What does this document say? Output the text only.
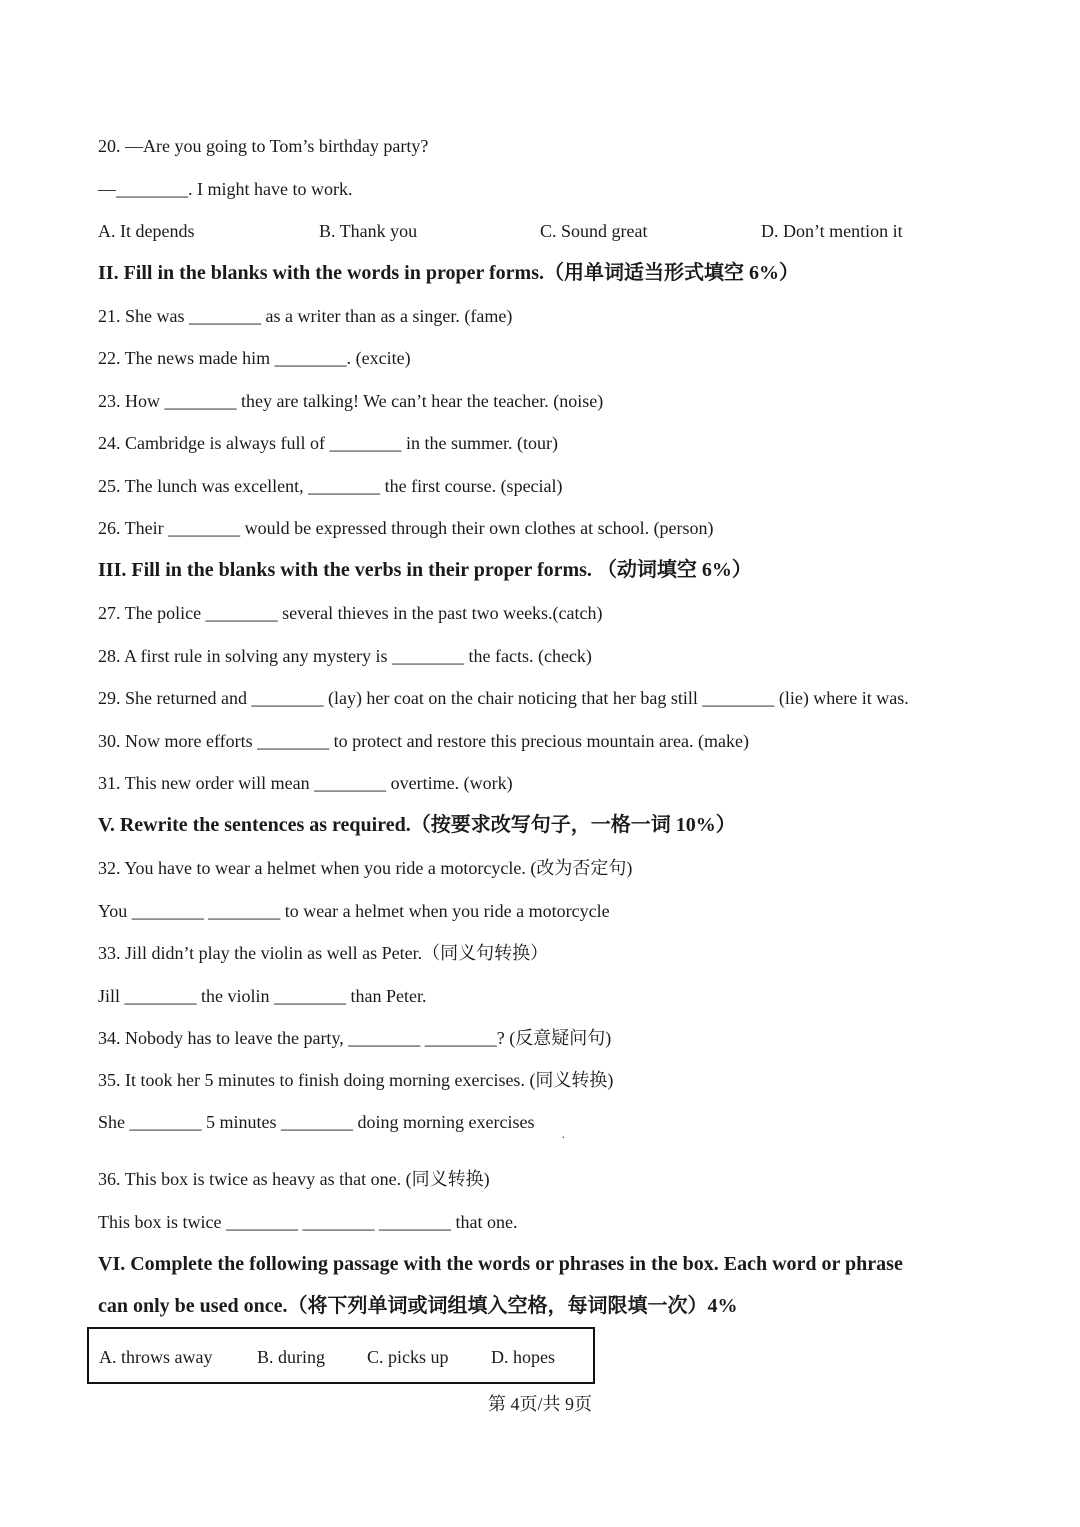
20. —Are you going to Tom’s birthday party?
—________. I might have to work.
A. It depends	B. Thank you	C. Sound great	D. Don’t mention it
II. Fill in the blanks with the words in proper forms.（用单词适当形式填空 6%）
21. She was ________ as a writer than as a singer. (fame)
22. The news made him ________. (excite)
23. How ________ they are talking! We can’t hear the teacher. (noise)
24. Cambridge is always full of ________ in the summer. (tour)
25. The lunch was excellent, ________ the first course. (special)
26. Their ________ would be expressed through their own clothes at school. (person)
III. Fill in the blanks with the verbs in their proper forms. （动词填空 6%）
27. The police ________ several thieves in the past two weeks.(catch)
28. A first rule in solving any mystery is ________ the facts. (check)
29. She returned and ________ (lay) her coat on the chair noticing that her bag still ________ (lie) where it was.
30. Now more efforts ________ to protect and restore this precious mountain area. (make)
31. This new order will mean ________ overtime. (work)
V. Rewrite the sentences as required.（按要求改写句子，一格一词 10%）
32. You have to wear a helmet when you ride a motorcycle. (改为否定句)
You ________ ________ to wear a helmet when you ride a motorcycle
33. Jill didn’t play the violin as well as Peter.（同义句转换）
Jill ________ the violin ________ than Peter.
34. Nobody has to leave the party, ________ ________? (反意疑问句)
35. It took her 5 minutes to finish doing morning exercises. (同义转换)
She ________ 5 minutes ________ doing morning exercises
·
36. This box is twice as heavy as that one. (同义转换)
This box is twice ________ ________ ________ that one.
VI. Complete the following passage with the words or phrases in the box. Each word or phrase
can only be used once.（将下列单词或词组填入空格，每词限填一次）4%
A. throws away B. during C. picks up D. hopes
第 4页/共 9页
